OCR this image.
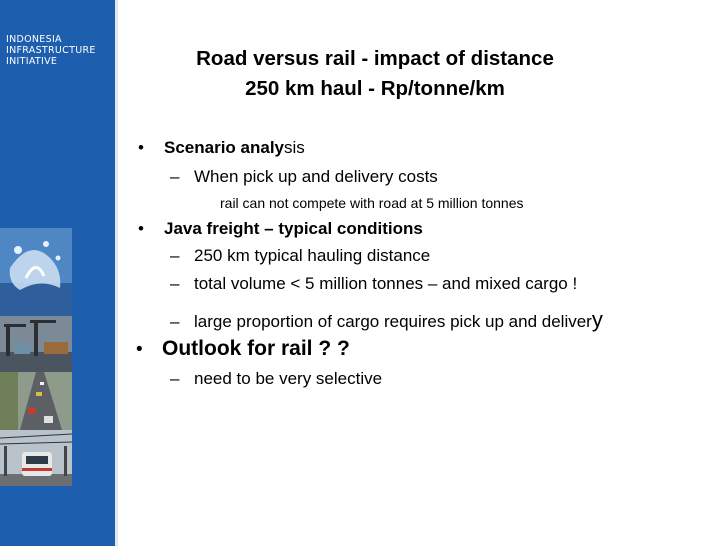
INDONESIA
INFRASTRUCTURE
INITIATIVE	Road versus rail - impact of distance
250 km haul - Rp/tonne/km
• Scenario analysis
– When pick up and delivery costs
rail can not compete with road at 5 million tonnes
• Java freight – typical conditions
– 250 km typical hauling distance
– total volume < 5 million tonnes – and mixed cargo !
– large proportion of cargo requires pick up and delivery
• Outlook for rail ? ?
– need to be very selective
